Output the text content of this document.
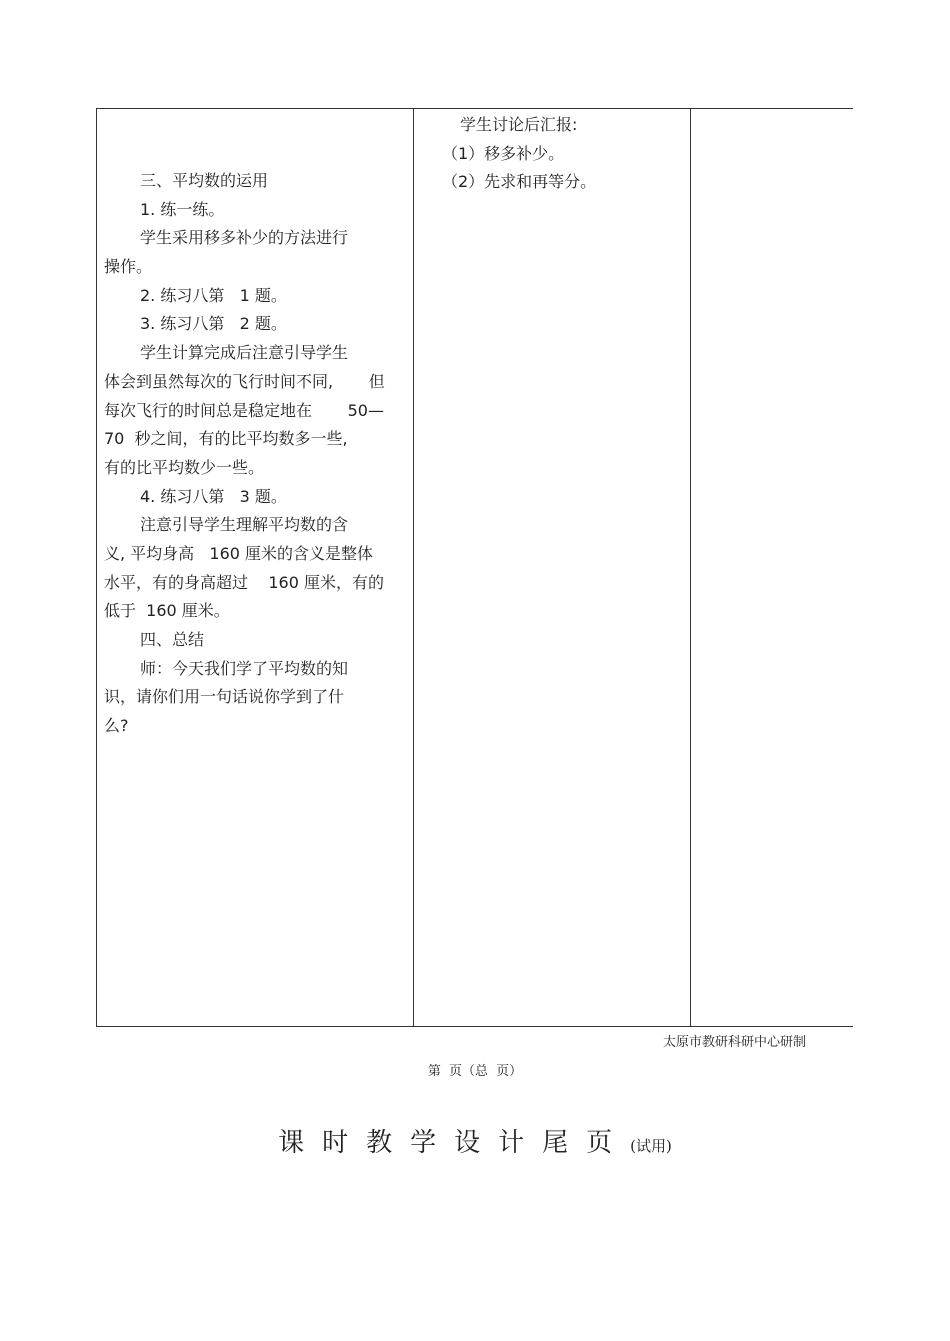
三、平均数的运用
1. 练一练。
学生采用移多补少的方法进行
操作。
2. 练习八第   1 题。
3. 练习八第   2 题。
学生计算完成后注意引导学生
体会到虽然每次的飞行时间不同,       但
每次飞行的时间总是稳定地在       50—
70  秒之间，有的比平均数多一些,
有的比平均数少一些。
4. 练习八第   3 题。
注意引导学生理解平均数的含
义, 平均身高   160 厘米的含义是整体
水平，有的身高超过    160 厘米，有的
低于  160 厘米。
四、总结
师：今天我们学了平均数的知
识，请你们用一句话说你学到了什
么?
学生讨论后汇报:
（1）移多补少。
（2）先求和再等分。
太原市教研科研中心研制
第 页（总 页）
课时教学设计尾页(试用)
